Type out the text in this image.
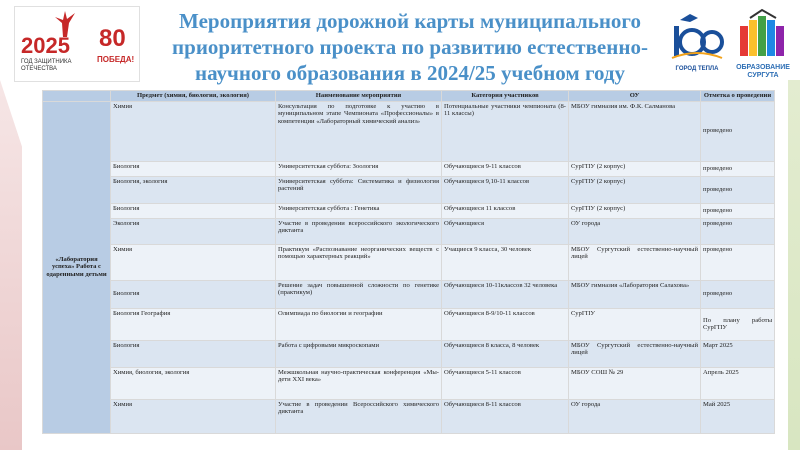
2025
ГОД ЗАЩИТНИКА ОТЕЧЕСТВА
80
ПОБЕДА!
Мероприятия дорожной карты муниципального
приоритетного проекта по развитию естественно-
научного образования в 2024/25 учебном году	ГОРОД ТЕПЛА	ОБРАЗОВАНИЕ
СУРГУТА
	Предмет (химия, биология, экология)	Наименование мероприятия	Категория участников	ОУ	Отметка о проведении
«Лаборатория успеха» Работа с одаренными детьми	Химия	Консультация по подготовке к участию в муниципальном этапе Чемпионата «Профессионалы» в компетенции «Лабораторный химический анализ»	Потенциальные участники чемпионата (8-11 классы)	МБОУ гимназия им. Ф.К. Салманова	проведено
	Биология	Университетская суббота: Зоология	Обучающиеся 9-11 классов	СурГПУ (2 корпус)	проведено
	Биология, экология	Университетская суббота: Систематика и физиология растений	Обучающиеся 9,10-11 классов	СурГПУ (2 корпус)	проведено
	Биология	Университетская суббота : Генетика	Обучающиеся 11 классов	СурГПУ (2 корпус)	проведено
	Экология	Участие в проведении всероссийского экологического диктанта	Обучающиеся	ОУ города	проведено
	Химия	Практикум «Распознавание неорганических веществ с помощью характерных реакций»	Учащиеся 9 класса, 30 человек	МБОУ Сургутский естественно-научный лицей	проведено
	Биология	Решение задач повышенной сложности по генетике (практикум)	Обучающиеся 10-11классов 32 человека	МБОУ гимназия «Лаборатория Салахова»	проведено
	Биология География	Олимпиада по биологии и географии	Обучающиеся 8-9/10-11 классов	СурГПУ	По плану работы СурГПУ
	Биология	Работа с цифровыми микроскопами	Обучающиеся 8 класса, 8 человек	МБОУ Сургутский естественно-научный лицей	Март 2025
	Химия, биология, экология	Межшкольная научно-практическая конференция «Мы- дети XXI века»	Обучающиеся 5-11 классов	МБОУ СОШ № 29	Апрель 2025
	Химия	Участие в проведении Всероссийского химического диктанта	Обучающиеся 8-11 классов	ОУ города	Май 2025
